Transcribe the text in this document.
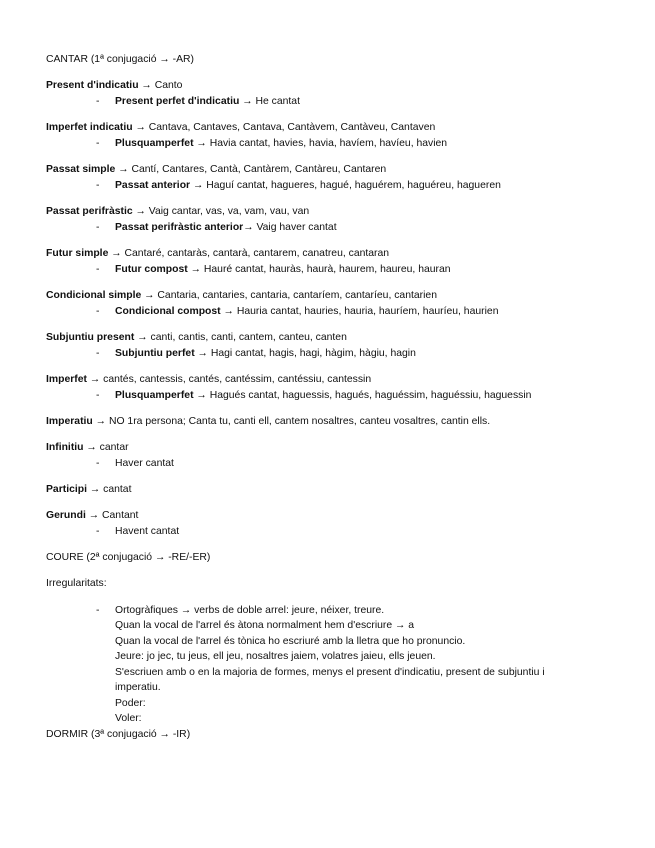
CANTAR (1ª conjugació → -AR)
Present d'indicatiu → Canto
- Present perfet d'indicatiu → He cantat
Imperfet indicatiu → Cantava, Cantaves, Cantava, Cantàvem, Cantàveu, Cantaven
- Plusquamperfet → Havia cantat, havies, havia, havíem, havíeu, havien
Passat simple → Cantí, Cantares, Cantà, Cantàrem, Cantàreu, Cantaren
- Passat anterior → Haguí cantat, hagueres, hagué, haguérem, haguéreu, hagueren
Passat perifràstic → Vaig cantar, vas, va, vam, vau, van
- Passat perifràstic anterior→ Vaig haver cantat
Futur simple → Cantaré, cantaràs, cantarà, cantarem, canatreu, cantaran
- Futur compost → Hauré cantat, hauràs, haurà, haurem, haureu, hauran
Condicional simple → Cantaria, cantaries, cantaria, cantaríem, cantaríeu, cantarien
- Condicional compost → Hauria cantat, hauries, hauria, hauríem, hauríeu, haurien
Subjuntiu present → canti, cantis, canti, cantem, canteu, canten
- Subjuntiu perfet → Hagi cantat, hagis, hagi, hàgim, hàgiu, hagin
Imperfet → cantés, cantessis, cantés, cantéssim, cantéssiu, cantessin
- Plusquamperfet → Hagués cantat, haguessis, hagués, haguéssim, haguéssiu, haguessin
Imperatiu → NO 1ra persona; Canta tu, canti ell, cantem nosaltres, canteu vosaltres, cantin ells.
Infinitiu → cantar
- Haver cantat
Participi → cantat
Gerundi → Cantant
- Havent cantat
COURE (2ª conjugació → -RE/-ER)
Irregularitats:
- Ortogràfiques → verbs de doble arrel: jeure, néixer, treure.
Quan la vocal de l'arrel és àtona normalment hem d'escriure → a
Quan la vocal de l'arrel és tònica ho escriuré amb la lletra que ho pronuncio.
Jeure: jo jec, tu jeus, ell jeu, nosaltres jaiem, volatres jaieu, ells jeuen.
S'escriuen amb o en la majoria de formes, menys el present d'indicatiu, present de subjuntiu i
imperatiu.
Poder:
Voler:
DORMIR (3ª conjugació → -IR)
